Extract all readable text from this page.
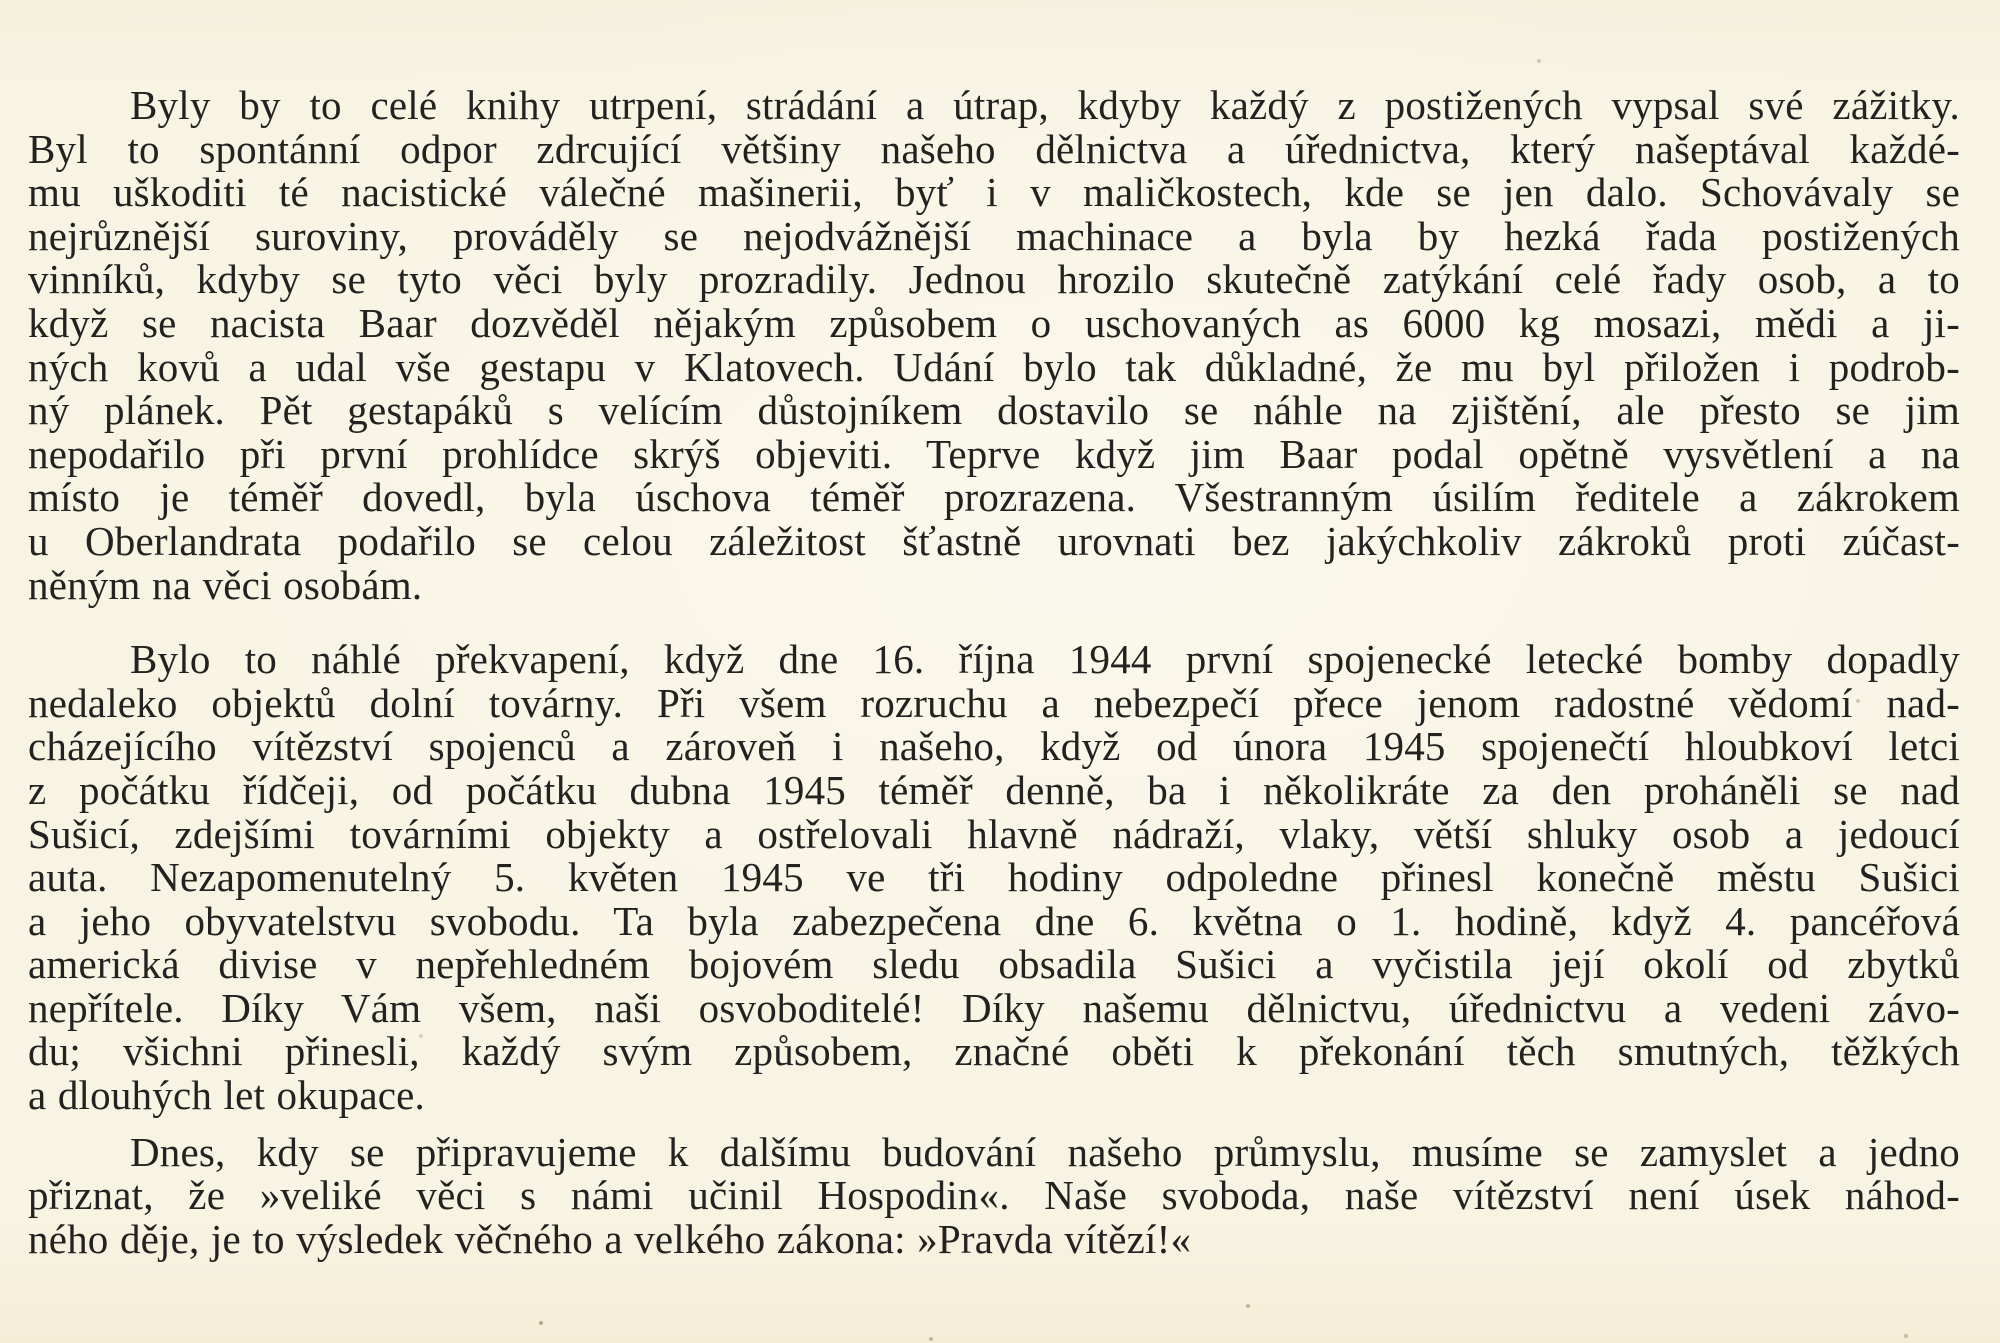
Byly by to celé knihy utrpení, strádání a útrap, kdyby každý z postižených vypsal své zážitky.
Byl to spontánní odpor zdrcující většiny našeho dělnictva a úřednictva, který našeptával každé-
mu uškoditi té nacistické válečné mašinerii, byť i v maličkostech, kde se jen dalo. Schovávaly se
nejrůznější suroviny, prováděly se nejodvážnější machinace a byla by hezká řada postižených
vinníků, kdyby se tyto věci byly prozradily. Jednou hrozilo skutečně zatýkání celé řady osob, a to
když se nacista Baar dozvěděl nějakým způsobem o uschovaných as 6000 kg mosazi, mědi a ji-
ných kovů a udal vše gestapu v Klatovech. Udání bylo tak důkladné, že mu byl přiložen i podrob-
ný plánek. Pět gestapáků s velícím důstojníkem dostavilo se náhle na zjištění, ale přesto se jim
nepodařilo při první prohlídce skrýš objeviti. Teprve když jim Baar podal opětně vysvětlení a na
místo je téměř dovedl, byla úschova téměř prozrazena. Všestranným úsilím ředitele a zákrokem
u Oberlandrata podařilo se celou záležitost šťastně urovnati bez jakýchkoliv zákroků proti zúčast-
něným na věci osobám.

Bylo to náhlé překvapení, když dne 16. října 1944 první spojenecké letecké bomby dopadly
nedaleko objektů dolní továrny. Při všem rozruchu a nebezpečí přece jenom radostné vědomí nad-
cházejícího vítězství spojenců a zároveň i našeho, když od února 1945 spojenečtí hloubkoví letci
z počátku řídčeji, od počátku dubna 1945 téměř denně, ba i několikráte za den proháněli se nad
Sušicí, zdejšími továrními objekty a ostřelovali hlavně nádraží, vlaky, větší shluky osob a jedoucí
auta. Nezapomenutelný 5. květen 1945 ve tři hodiny odpoledne přinesl konečně městu Sušici
a jeho obyvatelstvu svobodu. Ta byla zabezpečena dne 6. května o 1. hodině, když 4. pancéřová
americká divise v nepřehledném bojovém sledu obsadila Sušici a vyčistila její okolí od zbytků
nepřítele. Díky Vám všem, naši osvoboditelé! Díky našemu dělnictvu, úřednictvu a vedeni závo-
du; všichni přinesli, každý svým způsobem, značné oběti k překonání těch smutných, těžkých
a dlouhých let okupace.

Dnes, kdy se připravujeme k dalšímu budování našeho průmyslu, musíme se zamyslet a jedno
přiznat, že »veliké věci s námi učinil Hospodin«. Naše svoboda, naše vítězství není úsek náhod-
ného děje, je to výsledek věčného a velkého zákona: »Pravda vítězí!«
